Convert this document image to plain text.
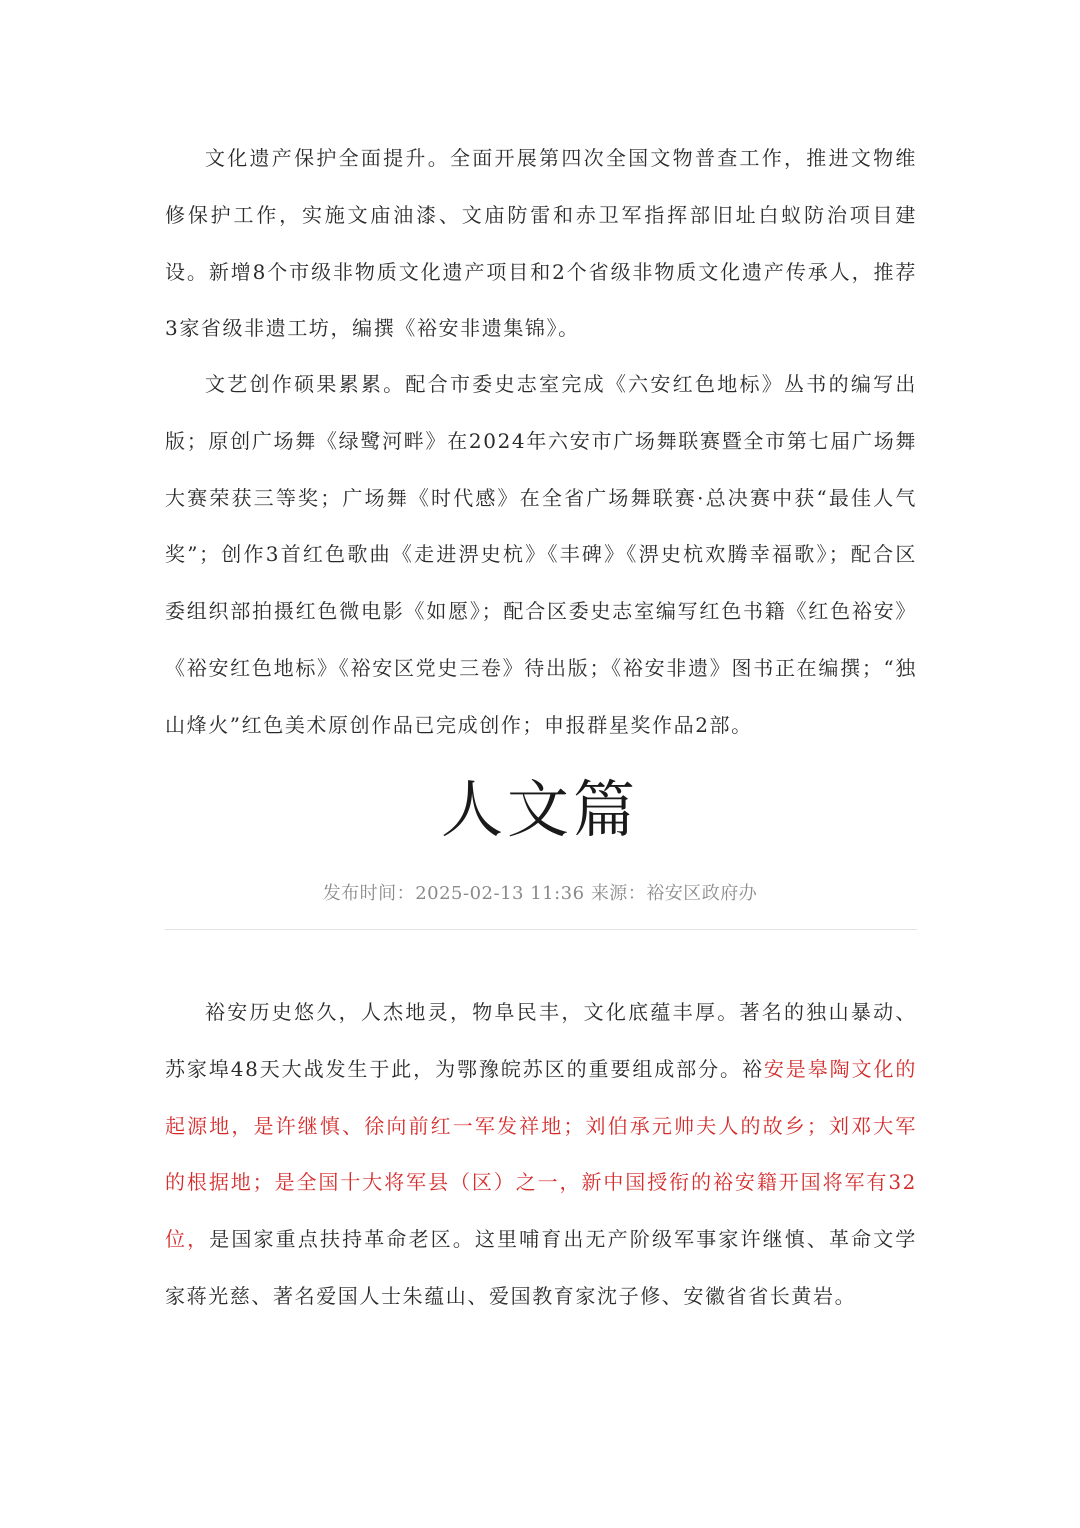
文化遗产保护全面提升。全面开展第四次全国文物普查工作，推进文物维修保护工作，实施文庙油漆、文庙防雷和赤卫军指挥部旧址白蚁防治项目建设。新增8个市级非物质文化遗产项目和2个省级非物质文化遗产传承人，推荐3家省级非遗工坊，编撰《裕安非遗集锦》。

文艺创作硕果累累。配合市委史志室完成《六安红色地标》丛书的编写出版；原创广场舞《绿鹭河畔》在2024年六安市广场舞联赛暨全市第七届广场舞大赛荣获三等奖；广场舞《时代感》在全省广场舞联赛·总决赛中获“最佳人气奖”；创作3首红色歌曲《走进淠史杭》《丰碑》《淠史杭欢腾幸福歌》；配合区委组织部拍摄红色微电影《如愿》；配合区委史志室编写红色书籍《红色裕安》《裕安红色地标》《裕安区党史三卷》待出版；《裕安非遗》图书正在编撰；“独山烽火”红色美术原创作品已完成创作；申报群星奖作品2部。

人文篇
发布时间：2025-02-13 11:36 来源：裕安区政府办

裕安历史悠久，人杰地灵，物阜民丰，文化底蕴丰厚。著名的独山暴动、苏家埠48天大战发生于此，为鄂豫皖苏区的重要组成部分。裕安是皋陶文化的起源地，是许继慎、徐向前红一军发祥地；刘伯承元帅夫人的故乡；刘邓大军的根据地；是全国十大将军县（区）之一，新中国授衔的裕安籍开国将军有32位，是国家重点扶持革命老区。这里哺育出无产阶级军事家许继慎、革命文学家蒋光慈、著名爱国人士朱蕴山、爱国教育家沈子修、安徽省省长黄岩。
